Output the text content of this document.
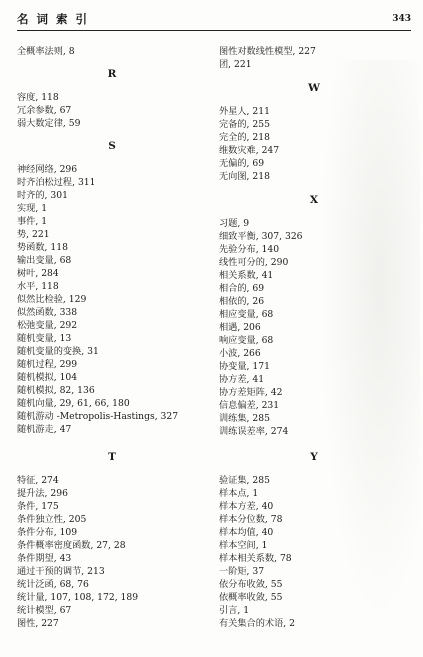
名 词 索 引	343
全概率法则, 8
R
容度, 118
冗余参数, 67
弱大数定律, 59
S
神经网络, 296
时齐泊松过程, 311
时齐的, 301
实现, 1
事件, 1
势, 221
势函数, 118
输出变量, 68
树叶, 284
水平, 118
似然比检验, 129
似然函数, 338
松弛变量, 292
随机变量, 13
随机变量的变换, 31
随机过程, 299
随机模拟, 104
随机模拟, 82, 136
随机向量, 29, 61, 66, 180
随机游动 -Metropolis-Hastings, 327
随机游走, 47
T
特征, 274
提升法, 296
条件, 175
条件独立性, 205
条件分布, 109
条件概率密度函数, 27, 28
条件期望, 43
通过干预的调节, 213
统计泛函, 68, 76
统计量, 107, 108, 172, 189
统计模型, 67
图性, 227
图性对数线性模型, 227
团, 221
W
外星人, 211
完备的, 255
完全的, 218
维数灾难, 247
无偏的, 69
无向图, 218
X
习题, 9
细致平衡, 307, 326
先验分布, 140
线性可分的, 290
相关系数, 41
相合的, 69
相依的, 26
相应变量, 68
相遇, 206
响应变量, 68
小波, 266
协变量, 171
协方差, 41
协方差矩阵, 42
信息偏差, 231
训练集, 285
训练误差率, 274
Y
验证集, 285
样本点, 1
样本方差, 40
样本分位数, 78
样本均值, 40
样本空间, 1
样本相关系数, 78
一阶矩, 37
依分布收敛, 55
依概率收敛, 55
引言, 1
有关集合的术语, 2
